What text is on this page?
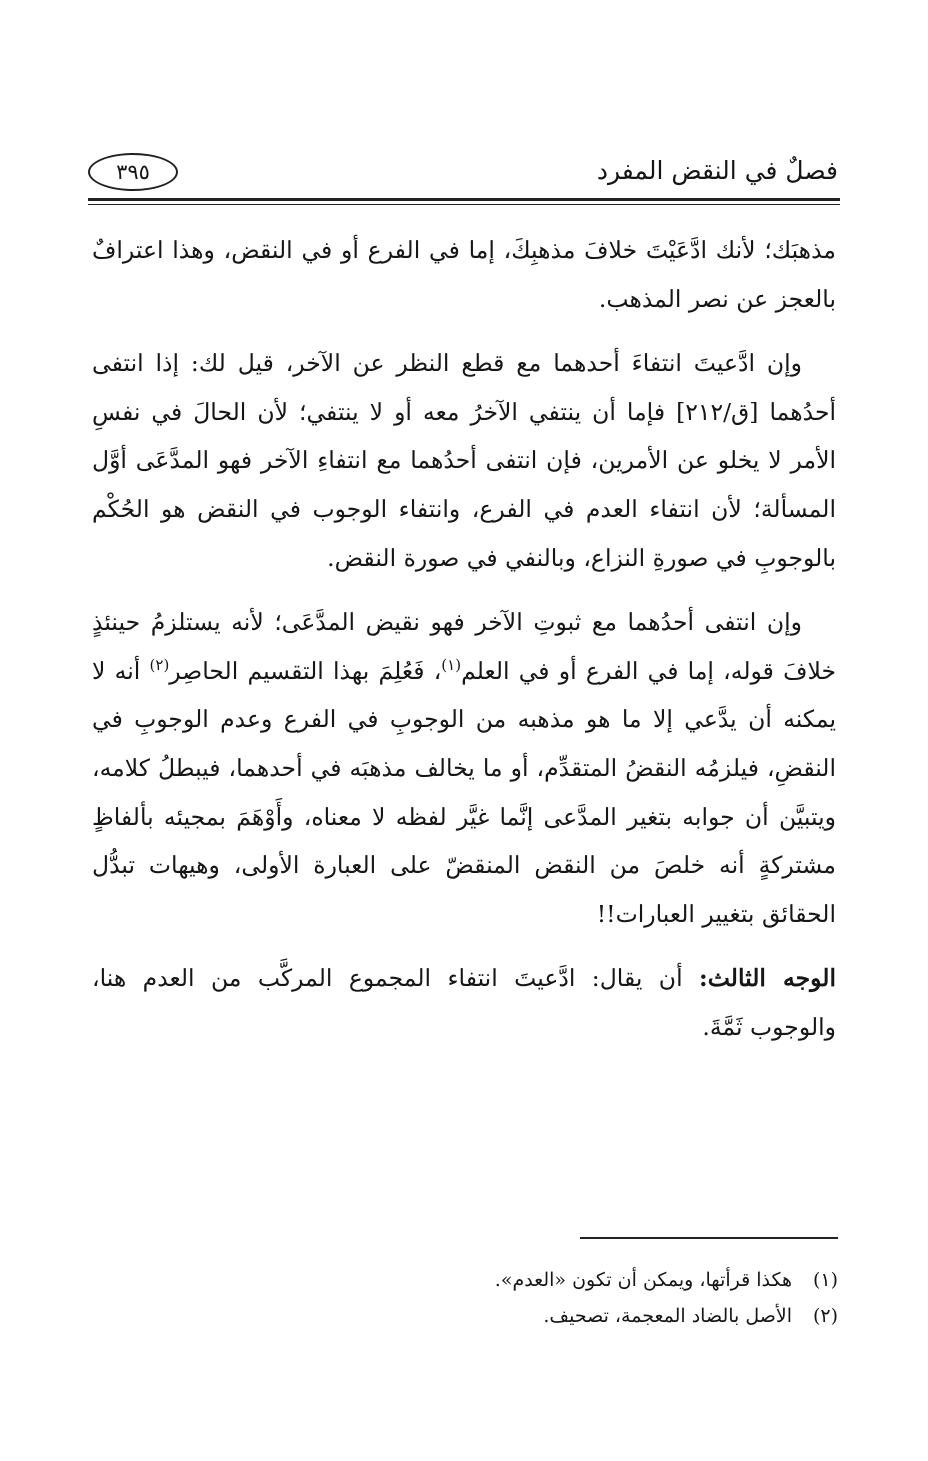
فصلٌ في النقض المفرد
٣٩٥

مذهبَك؛ لأنك ادَّعَيْتَ خلافَ مذهبِكَ، إما في الفرع أو في النقض، وهذا اعترافٌ بالعجز عن نصر المذهب.

وإن ادَّعيتَ انتفاءَ أحدهما مع قطع النظر عن الآخر، قيل لك: إذا انتفى أحدُهما [ق/٢١٢] فإما أن ينتفي الآخرُ معه أو لا ينتفي؛ لأن الحالَ في نفسِ الأمر لا يخلو عن الأمرين، فإن انتفى أحدُهما مع انتفاءِ الآخر فهو المدَّعَى أوَّل المسألة؛ لأن انتفاء العدم في الفرع، وانتفاء الوجوب في النقض هو الحُكْم بالوجوبِ في صورةِ النزاع، وبالنفي في صورة النقض.

وإن انتفى أحدُهما مع ثبوتِ الآخر فهو نقيض المدَّعَى؛ لأنه يستلزمُ حينئذٍ خلافَ قوله، إما في الفرع أو في العلم$^{(١)}$، فَعُلِمَ بهذا التقسيم الحاصِر$^{(٢)}$ أنه لا يمكنه أن يدَّعي إلا ما هو مذهبه من الوجوبِ في الفرع وعدم الوجوبِ في النقضِ، فيلزمُه النقضُ المتقدِّم، أو ما يخالف مذهبَه في أحدهما، فيبطلُ كلامه، ويتبيَّن أن جوابه بتغير المدَّعى إنَّما غيَّر لفظه لا معناه، وأَوْهَمَ بمجيئه بألفاظٍ مشتركةٍ أنه خلصَ من النقض المنقضّ على العبارة الأولى، وهيهات تبدُّل الحقائق بتغيير العبارات!!

الوجه الثالث: أن يقال: ادَّعيتَ انتفاء المجموع المركَّب من العدم هنا، والوجوب ثَمَّةَ.

(١)
هكذا قرأتها، ويمكن أن تكون «العدم».
(٢)
الأصل بالضاد المعجمة، تصحيف.
